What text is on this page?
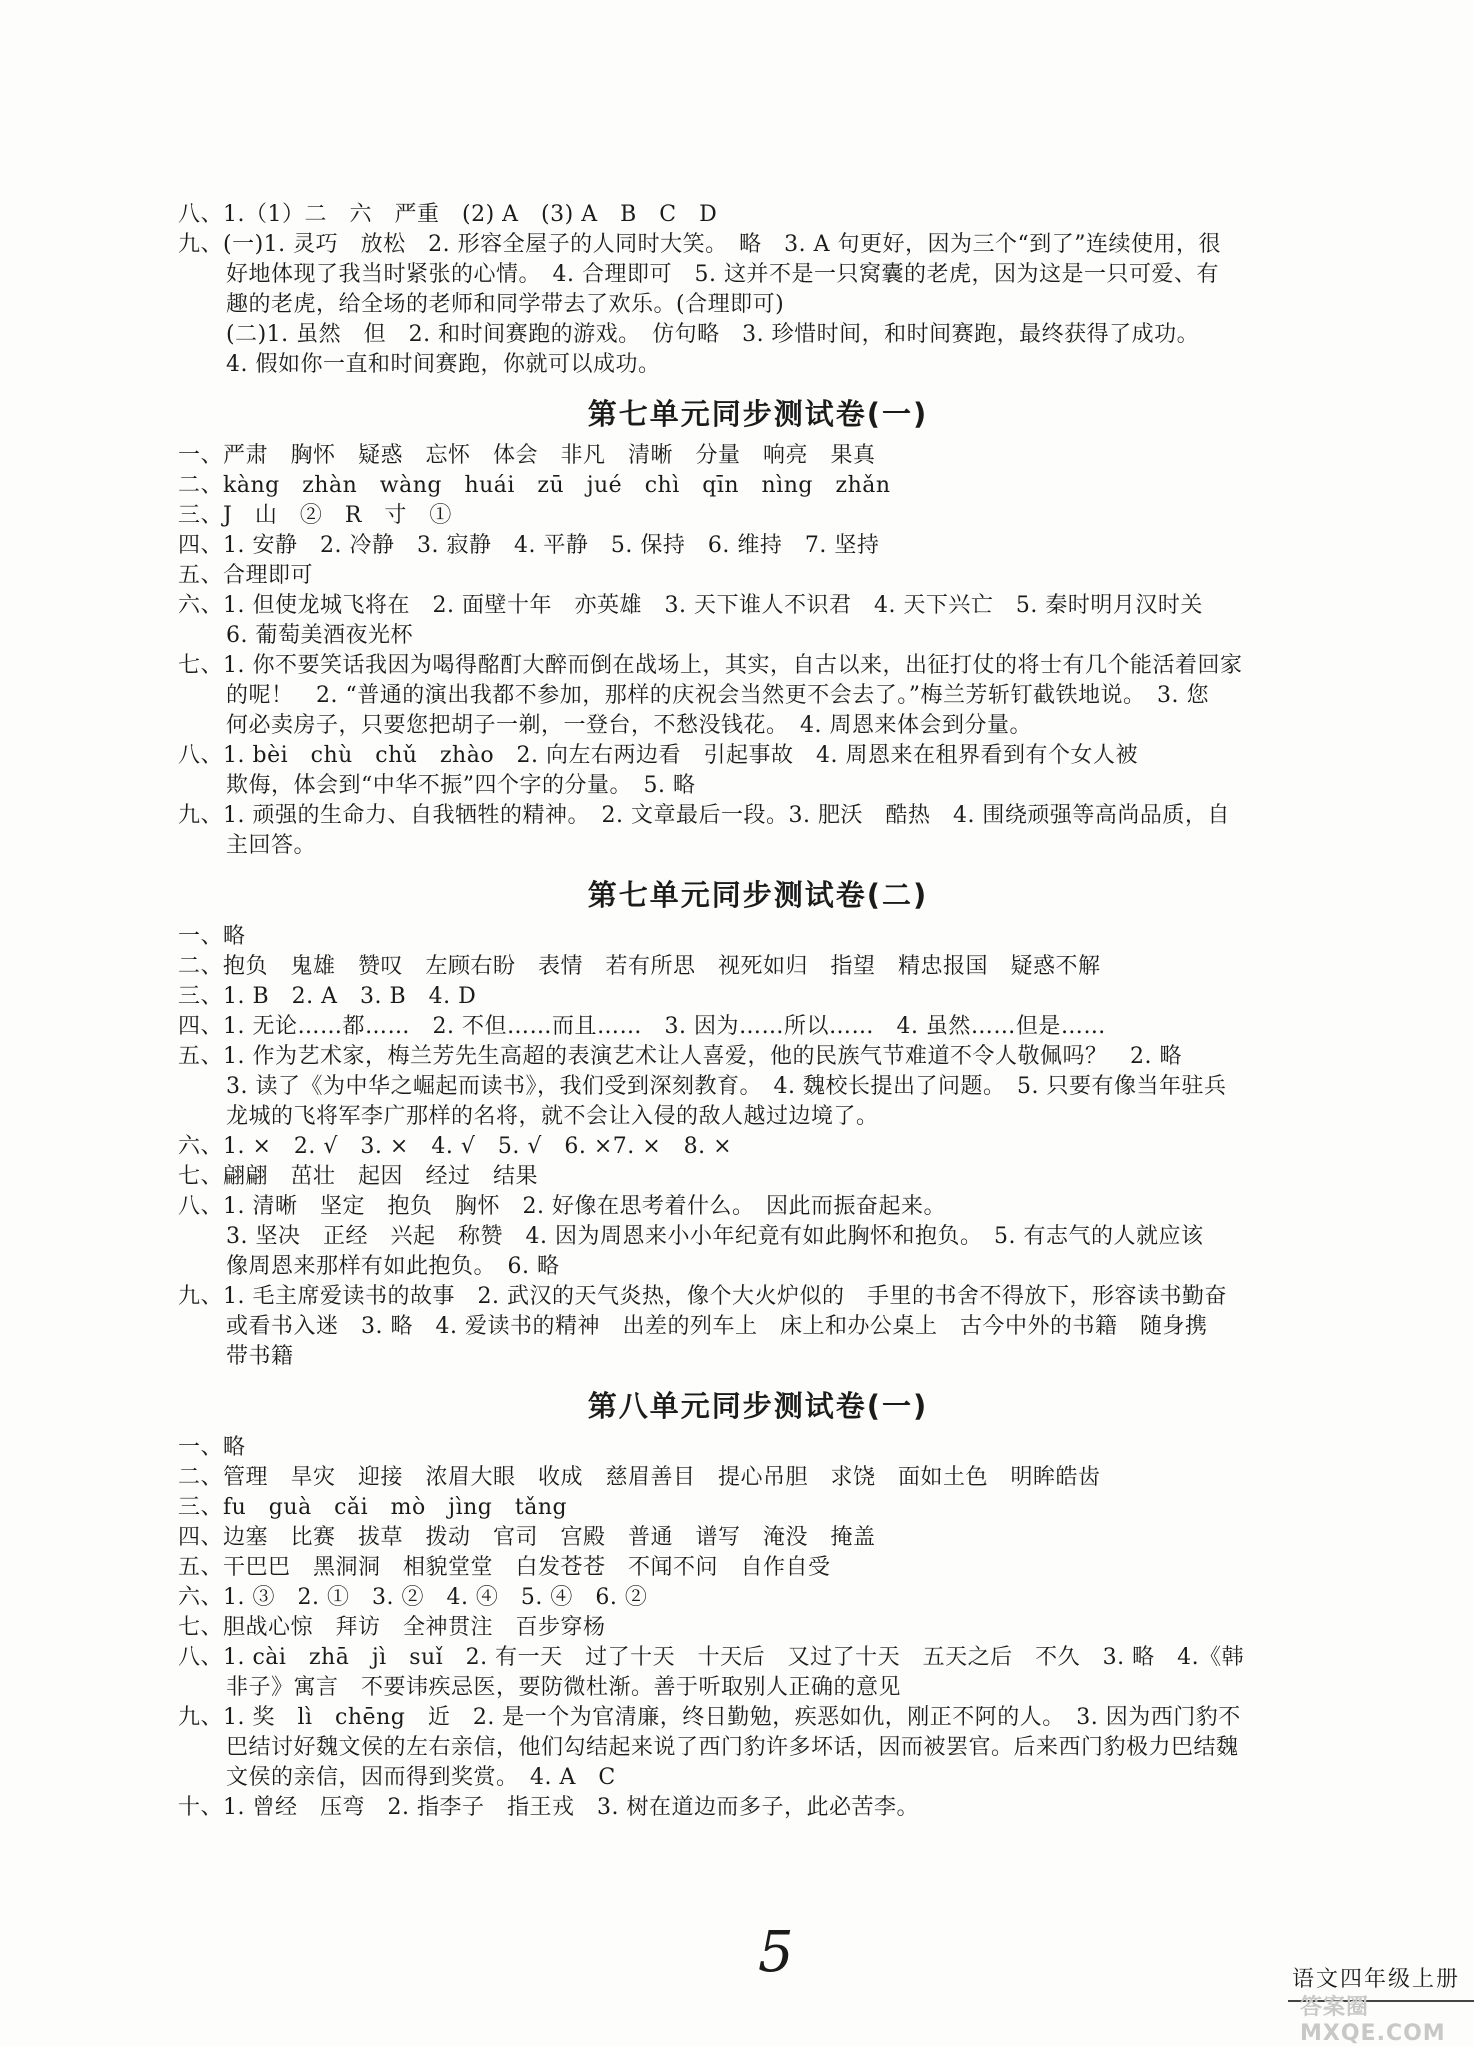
八、1.（1）二　六　严重　(2) A　(3) A　B　C　D
九、(一)1. 灵巧　放松　2. 形容全屋子的人同时大笑。　略　3. A 句更好，因为三个“到了”连续使用，很
好地体现了我当时紧张的心情。　4. 合理即可　5. 这并不是一只窝囊的老虎，因为这是一只可爱、有
趣的老虎，给全场的老师和同学带去了欢乐。(合理即可)
(二)1. 虽然　但　2. 和时间赛跑的游戏。　仿句略　3. 珍惜时间，和时间赛跑，最终获得了成功。
4. 假如你一直和时间赛跑，你就可以成功。
第七单元同步测试卷(一)
一、严肃　胸怀　疑惑　忘怀　体会　非凡　清晰　分量　响亮　果真
二、kàng　zhàn　wàng　huái　zū　jué　chì　qīn　nìng　zhǎn
三、J　山　②　R　寸　①
四、1. 安静　2. 冷静　3. 寂静　4. 平静　5. 保持　6. 维持　7. 坚持
五、合理即可
六、1. 但使龙城飞将在　2. 面壁十年　亦英雄　3. 天下谁人不识君　4. 天下兴亡　5. 秦时明月汉时关
6. 葡萄美酒夜光杯
七、1. 你不要笑话我因为喝得酩酊大醉而倒在战场上，其实，自古以来，出征打仗的将士有几个能活着回家
的呢！　2. “普通的演出我都不参加，那样的庆祝会当然更不会去了。”梅兰芳斩钉截铁地说。　3. 您
何必卖房子，只要您把胡子一剃，一登台，不愁没钱花。　4. 周恩来体会到分量。
八、1. bèi　chù　chǔ　zhào　2. 向左右两边看　引起事故　4. 周恩来在租界看到有个女人被
欺侮，体会到“中华不振”四个字的分量。　5. 略
九、1. 顽强的生命力、自我牺牲的精神。　2. 文章最后一段。3. 肥沃　酷热　4. 围绕顽强等高尚品质，自
主回答。
第七单元同步测试卷(二)
一、略
二、抱负　鬼雄　赞叹　左顾右盼　表情　若有所思　视死如归　指望　精忠报国　疑惑不解
三、1. B　2. A　3. B　4. D
四、1. 无论……都……　2. 不但……而且……　3. 因为……所以……　4. 虽然……但是……
五、1. 作为艺术家，梅兰芳先生高超的表演艺术让人喜爱，他的民族气节难道不令人敬佩吗？　2. 略
3. 读了《为中华之崛起而读书》，我们受到深刻教育。　4. 魏校长提出了问题。　5. 只要有像当年驻兵
龙城的飞将军李广那样的名将，就不会让入侵的敌人越过边境了。
六、1. ×　2. √　3. ×　4. √　5. √　6. ×7. ×　8. ×
七、翩翩　茁壮　起因　经过　结果
八、1. 清晰　坚定　抱负　胸怀　2. 好像在思考着什么。　因此而振奋起来。
3. 坚决　正经　兴起　称赞　4. 因为周恩来小小年纪竟有如此胸怀和抱负。　5. 有志气的人就应该
像周恩来那样有如此抱负。　6. 略
九、1. 毛主席爱读书的故事　2. 武汉的天气炎热，像个大火炉似的　手里的书舍不得放下，形容读书勤奋
或看书入迷　3. 略　4. 爱读书的精神　出差的列车上　床上和办公桌上　古今中外的书籍　随身携
带书籍
第八单元同步测试卷(一)
一、略
二、管理　旱灾　迎接　浓眉大眼　收成　慈眉善目　提心吊胆　求饶　面如土色　明眸皓齿
三、fu　guà　cǎi　mò　jìng　tǎng
四、边塞　比赛　拔草　拨动　官司　宫殿　普通　谱写　淹没　掩盖
五、干巴巴　黑洞洞　相貌堂堂　白发苍苍　不闻不问　自作自受
六、1. ③　2. ①　3. ②　4. ④　5. ④　6. ②
七、胆战心惊　拜访　全神贯注　百步穿杨
八、1. cài　zhā　jì　suǐ　2. 有一天　过了十天　十天后　又过了十天　五天之后　不久　3. 略　4.《韩
非子》寓言　不要讳疾忌医，要防微杜渐。善于听取别人正确的意见
九、1. 奖　lì　chēng　近　2. 是一个为官清廉，终日勤勉，疾恶如仇，刚正不阿的人。　3. 因为西门豹不
巴结讨好魏文侯的左右亲信，他们勾结起来说了西门豹许多坏话，因而被罢官。后来西门豹极力巴结魏
文侯的亲信，因而得到奖赏。　4. A　C
十、1. 曾经　压弯　2. 指李子　指王戎　3. 树在道边而多子，此必苦李。
5	语文四年级上册
答案圈 MXQE.COM
